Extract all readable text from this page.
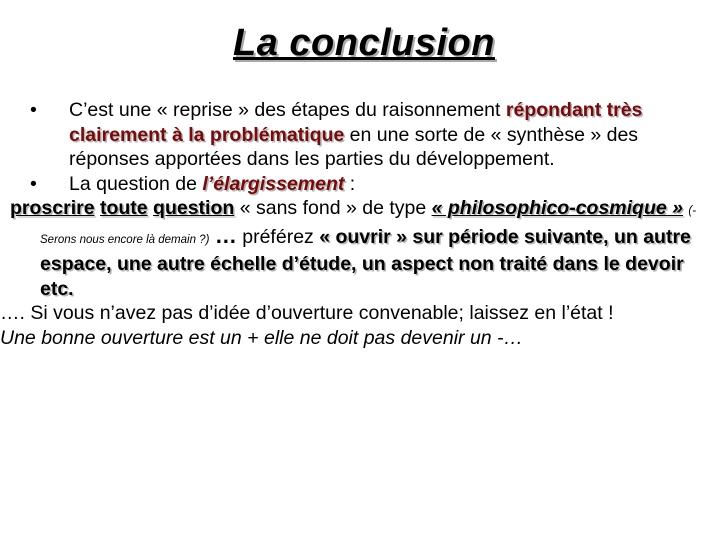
La conclusion
•	C’est une « reprise » des étapes du raisonnement répondant très clairement à la problématique en une sorte de « synthèse » des réponses apportées dans les parties du développement.
•	La question de l’élargissement :
proscrire toute question « sans fond » de type « philosophico-cosmique » (-Serons nous encore là demain ?) … préférez « ouvrir » sur période suivante, un autre espace, une autre échelle d’étude, un aspect non traité dans le devoir etc.
…. Si vous n’avez pas d’idée d’ouverture convenable; laissez en l’état !
Une bonne ouverture est un + elle ne doit pas devenir un -…
